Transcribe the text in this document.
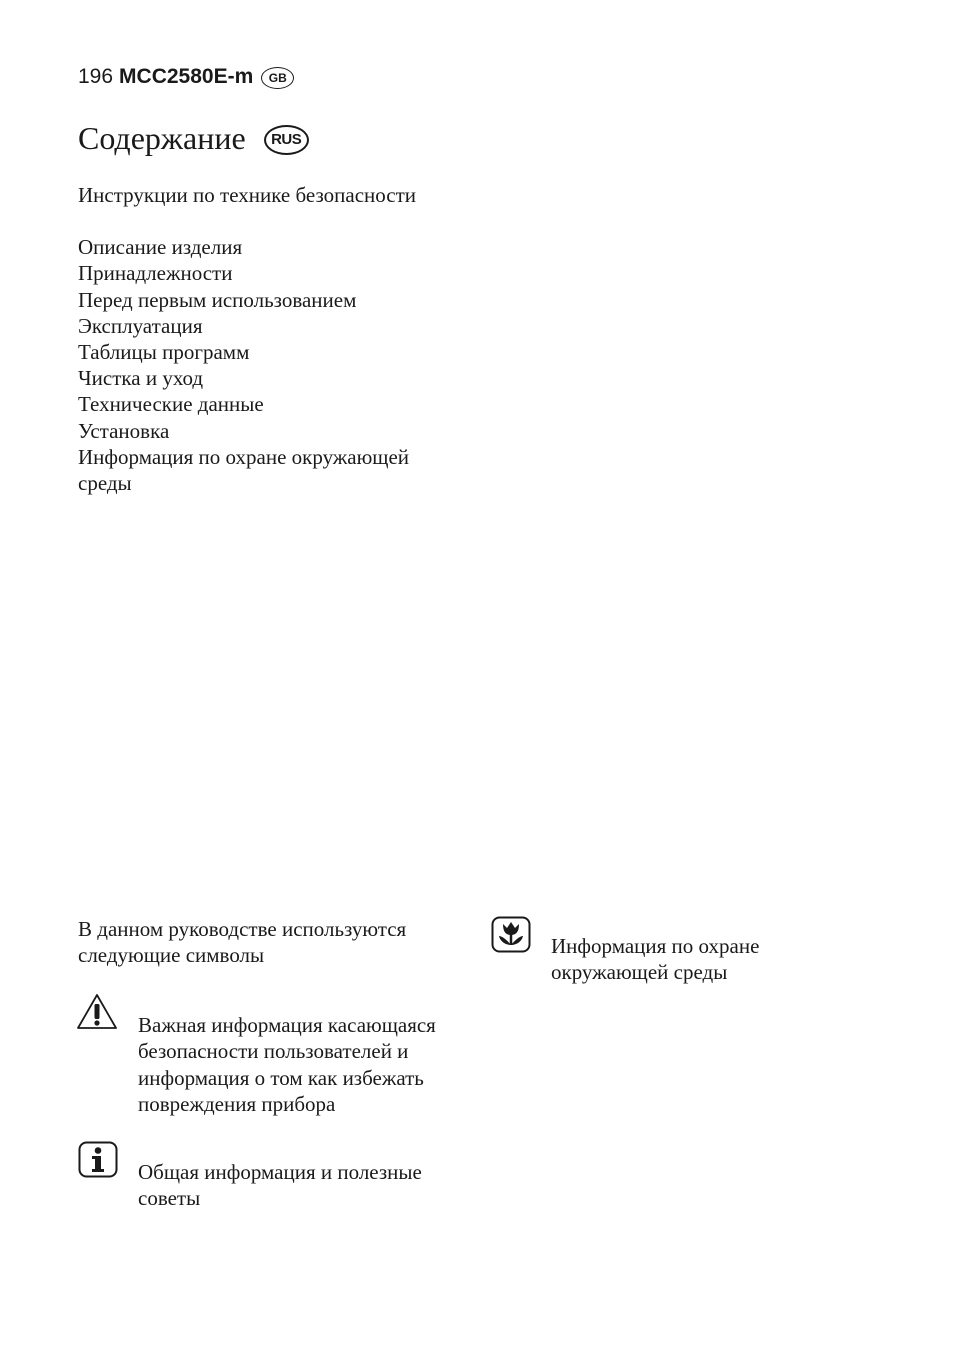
196 MCC2580E-m	GB
Содержание	RUS
Инструкции по технике безопасности
Описание изделия
Принадлежности
Перед первым использованием
Эксплуатация
Таблицы программ
Чистка и уход
Технические данные
Установка
Информация по охране окружающей среды
В данном руководстве используются следующие символы
Важная информация касающаяся безопасности пользователей и информация о том как избежать повреждения прибора
Общая информация и полезные советы
Информация по охране окружающей среды
